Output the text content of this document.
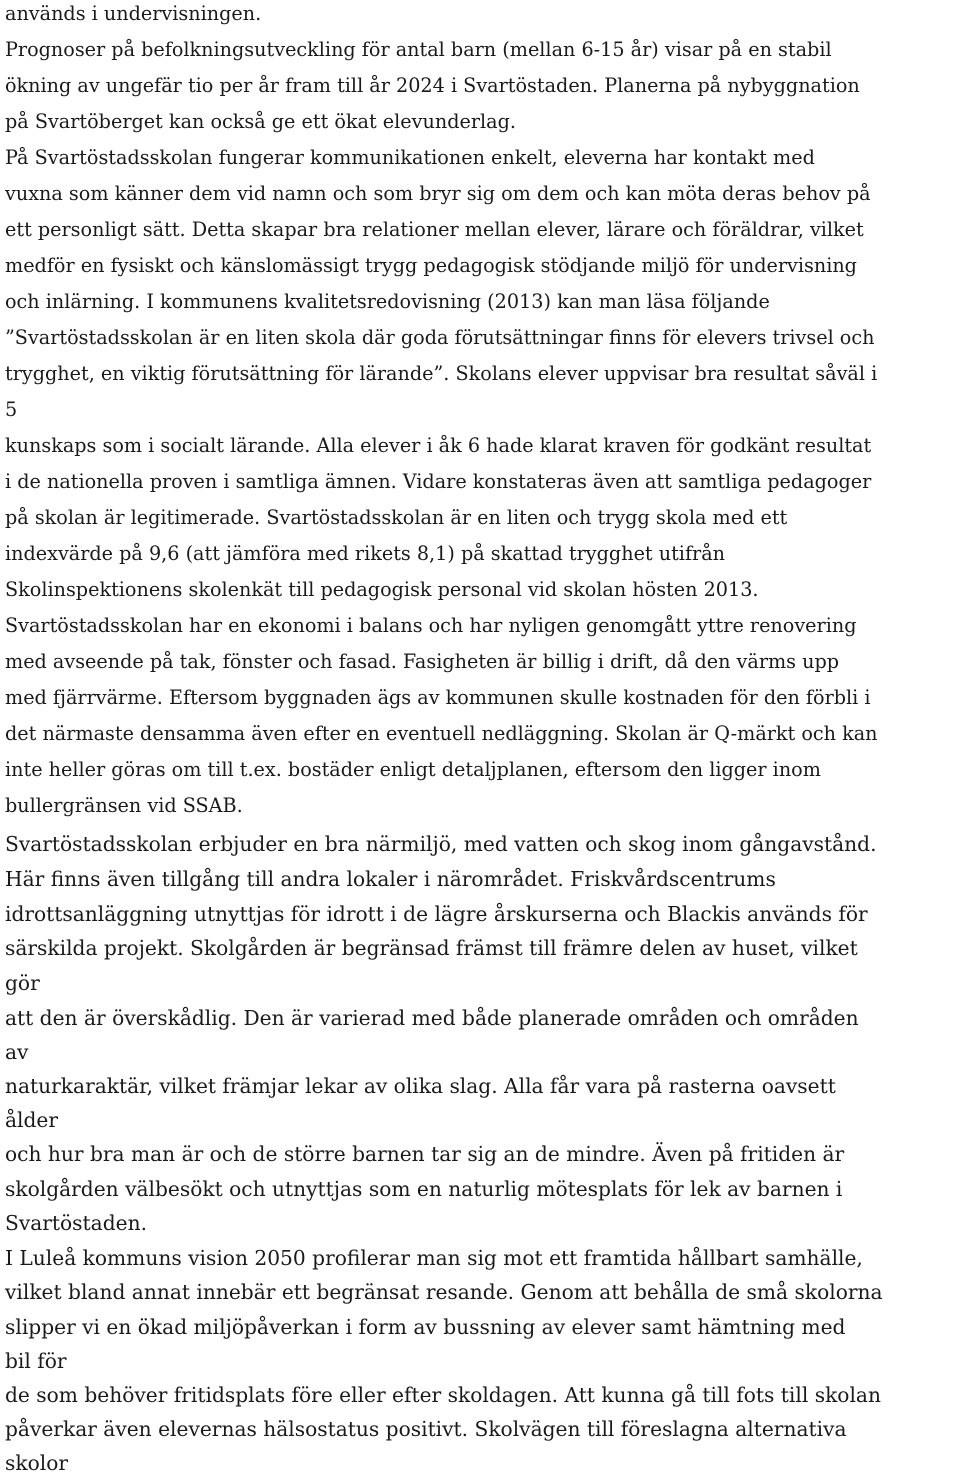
används i undervisningen.
Prognoser på befolkningsutveckling för antal barn (mellan 6-15 år) visar på en stabil
ökning av ungefär tio per år fram till år 2024 i Svartöstaden. Planerna på nybyggnation
på Svartöberget kan också ge ett ökat elevunderlag.
På Svartöstadsskolan fungerar kommunikationen enkelt, eleverna har kontakt med
vuxna som känner dem vid namn och som bryr sig om dem och kan möta deras behov på
ett personligt sätt. Detta skapar bra relationer mellan elever, lärare och föräldrar, vilket
medför en fysiskt och känslomässigt trygg pedagogisk stödjande miljö för undervisning
och inlärning. I kommunens kvalitetsredovisning (2013) kan man läsa följande
”Svartöstadsskolan är en liten skola där goda förutsättningar finns för elevers trivsel och
trygghet, en viktig förutsättning för lärande”. Skolans elever uppvisar bra resultat såväl i
5
kunskaps som i socialt lärande. Alla elever i åk 6 hade klarat kraven för godkänt resultat
i de nationella proven i samtliga ämnen. Vidare konstateras även att samtliga pedagoger
på skolan är legitimerade. Svartöstadsskolan är en liten och trygg skola med ett
indexvärde på 9,6 (att jämföra med rikets 8,1) på skattad trygghet utifrån
Skolinspektionens skolenkät till pedagogisk personal vid skolan hösten 2013.
Svartöstadsskolan har en ekonomi i balans och har nyligen genomgått yttre renovering
med avseende på tak, fönster och fasad. Fasigheten är billig i drift, då den värms upp
med fjärrvärme. Eftersom byggnaden ägs av kommunen skulle kostnaden för den förbli i
det närmaste densamma även efter en eventuell nedläggning. Skolan är Q-märkt och kan
inte heller göras om till t.ex. bostäder enligt detaljplanen, eftersom den ligger inom
bullergränsen vid SSAB.
Svartöstadsskolan erbjuder en bra närmiljö, med vatten och skog inom gångavstånd.
Här finns även tillgång till andra lokaler i närområdet. Friskvårdscentrums
idrottsanläggning utnyttjas för idrott i de lägre årskurserna och Blackis används för
särskilda projekt. Skolgården är begränsad främst till främre delen av huset, vilket
gör
att den är överskådlig. Den är varierad med både planerade områden och områden
av
naturkaraktär, vilket främjar lekar av olika slag. Alla får vara på rasterna oavsett
ålder
och hur bra man är och de större barnen tar sig an de mindre. Även på fritiden är
skolgården välbesökt och utnyttjas som en naturlig mötesplats för lek av barnen i
Svartöstaden.
I Luleå kommuns vision 2050 profilerar man sig mot ett framtida hållbart samhälle,
vilket bland annat innebär ett begränsat resande. Genom att behålla de små skolorna
slipper vi en ökad miljöpåverkan i form av bussning av elever samt hämtning med
bil för
de som behöver fritidsplats före eller efter skoldagen. Att kunna gå till fots till skolan
påverkar även elevernas hälsostatus positivt. Skolvägen till föreslagna alternativa
skolor
